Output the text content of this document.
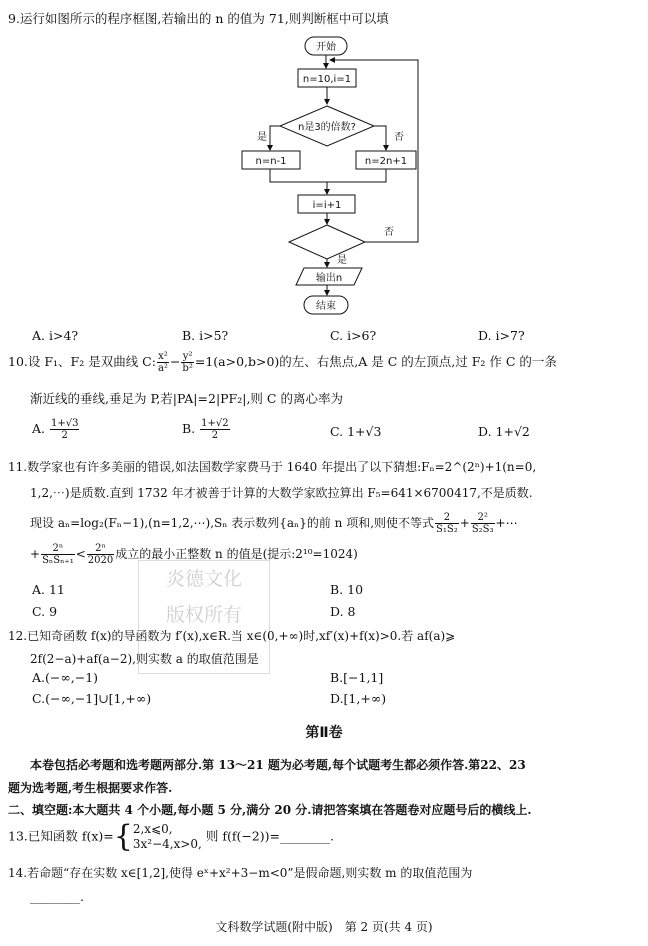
9.运行如图所示的程序框图,若输出的 n 的值为 71,则判断框中可以填
开始
n=10,i=1
n是3的倍数?
是	否
n=n-1	n=2n+1
i=i+1
否
是
输出n
结束
A. i>4?	B. i>5?	C. i>6?	D. i>7?
10.设 F₁、F₂ 是双曲线 C: $\frac{\text{x²}}{\text{a²}} - \frac{\text{y²}}{\text{b²}} =1(a>0,b>0)$的左、右焦点,A 是 C 的左顶点,过 F₂ 作 C 的一条
渐近线的垂线,垂足为 P,若|PA|=2|PF₂|,则 C 的离心率为
A. $\frac{1+√3}{2}$	B. $\frac{1+√2}{2}$	C. 1+√3	D. 1+√2
11.数学家也有许多美丽的错误,如法国数学家费马于 1640 年提出了以下猜想:Fₙ=2^(2ⁿ)+1(n=0,
1,2,⋯)是质数.直到 1732 年才被善于计算的大数学家欧拉算出 F₅=641×6700417,不是质数.
现设 aₙ=log₂(Fₙ−1),(n=1,2,⋯),Sₙ 表示数列{aₙ}的前 n 项和,则使不等式 $\frac{2}{\text{S₁S₂}} + \frac{\text{2²}}{\text{S₂S₃}}$ +⋯
+ $\frac{\text{2ⁿ}}{\text{SₙSₙ₊₁}} < \frac{\text{2ⁿ}}{2020}$ 成立的最小正整数 n 的值是(提示:2¹⁰=1024)
A. 11	B. 10
C. 9	D. 8
炎德文化
版权所有
12.已知奇函数 f(x)的导函数为 f′(x),x∈R.当 x∈(0,+∞)时,xf′(x)+f(x)>0.若 af(a)⩾
2f(2−a)+af(a−2),则实数 a 的取值范围是
A.(−∞,−1)	B.[−1,1]
C.(−∞,−1]∪[1,+∞)	D.[1,+∞)
第Ⅱ卷
本卷包括必考题和选考题两部分.第 13～21 题为必考题,每个试题考生都必须作答.第22、23
题为选考题,考生根据要求作答.
二、填空题:本大题共 4 个小题,每小题 5 分,满分 20 分.请把答案填在答题卷对应题号后的横线上.
13.已知函数 f(x)={2,x⩽0,
3x²−4,x>0, 则 f(f(−2))=________.
14.若命题“存在实数 x∈[1,2],使得 eˣ+x²+3−m<0”是假命题,则实数 m 的取值范围为
________.
文科数学试题(附中版)　第 2 页(共 4 页)
